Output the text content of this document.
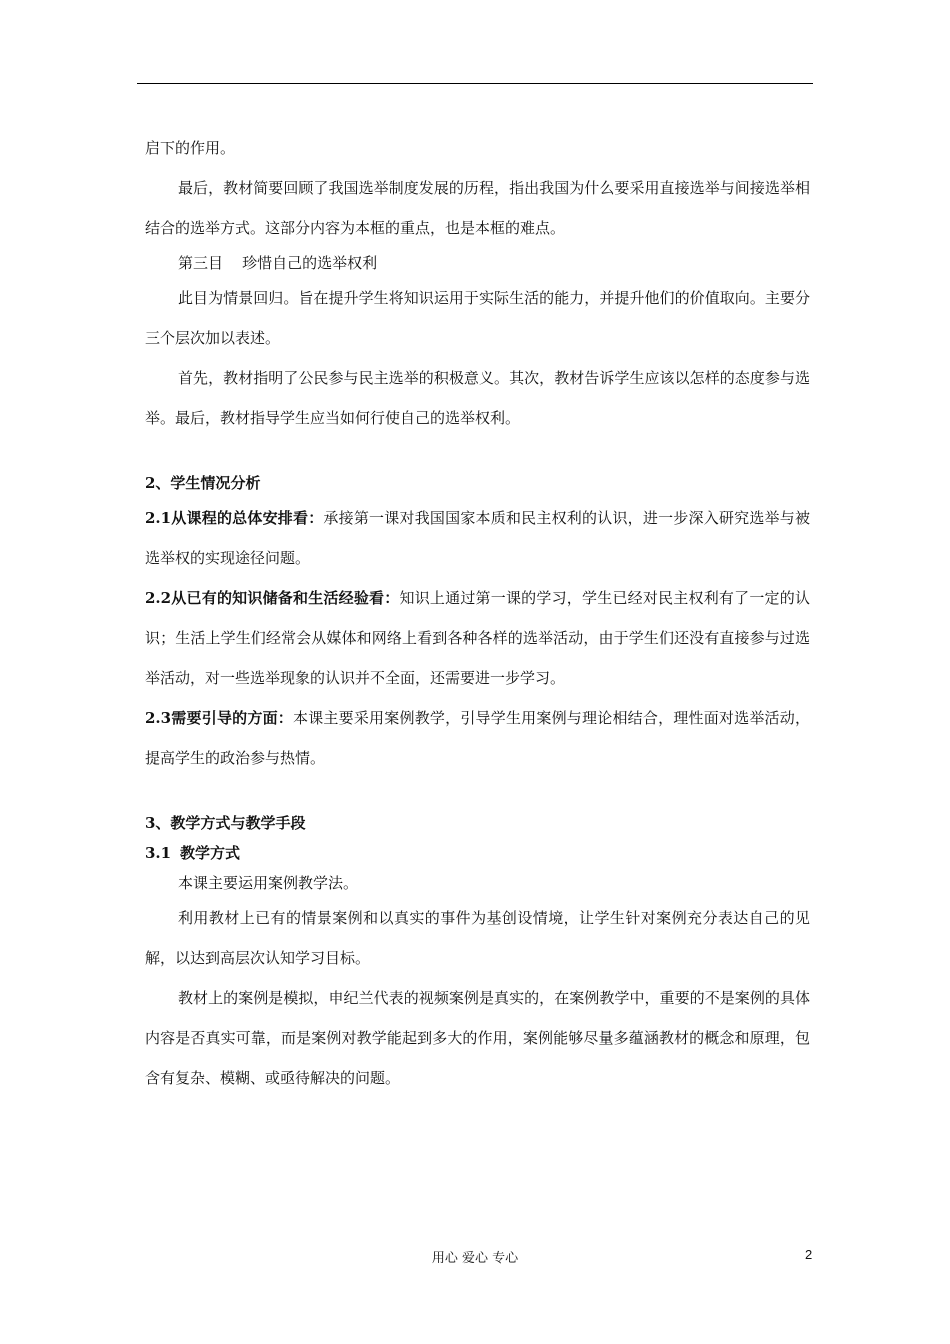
启下的作用。

最后，教材简要回顾了我国选举制度发展的历程，指出我国为什么要采用直接选举与间接选举相结合的选举方式。这部分内容为本框的重点，也是本框的难点。

第三目 珍惜自己的选举权利

此目为情景回归。旨在提升学生将知识运用于实际生活的能力，并提升他们的价值取向。主要分三个层次加以表述。

首先，教材指明了公民参与民主选举的积极意义。其次，教材告诉学生应该以怎样的态度参与选举。最后，教材指导学生应当如何行使自己的选举权利。

2、学生情况分析

2.1从课程的总体安排看：承接第一课对我国国家本质和民主权利的认识，进一步深入研究选举与被选举权的实现途径问题。

2.2从已有的知识储备和生活经验看：知识上通过第一课的学习，学生已经对民主权利有了一定的认识；生活上学生们经常会从媒体和网络上看到各种各样的选举活动，由于学生们还没有直接参与过选举活动，对一些选举现象的认识并不全面，还需要进一步学习。

2.3需要引导的方面：本课主要采用案例教学，引导学生用案例与理论相结合，理性面对选举活动，提高学生的政治参与热情。

3、教学方式与教学手段

3.1 教学方式

本课主要运用案例教学法。

利用教材上已有的情景案例和以真实的事件为基创设情境，让学生针对案例充分表达自己的见解，以达到高层次认知学习目标。

教材上的案例是模拟，申纪兰代表的视频案例是真实的，在案例教学中，重要的不是案例的具体内容是否真实可靠，而是案例对教学能起到多大的作用，案例能够尽量多蕴涵教材的概念和原理，包含有复杂、模糊、或亟待解决的问题。

用心 爱心 专心	2
